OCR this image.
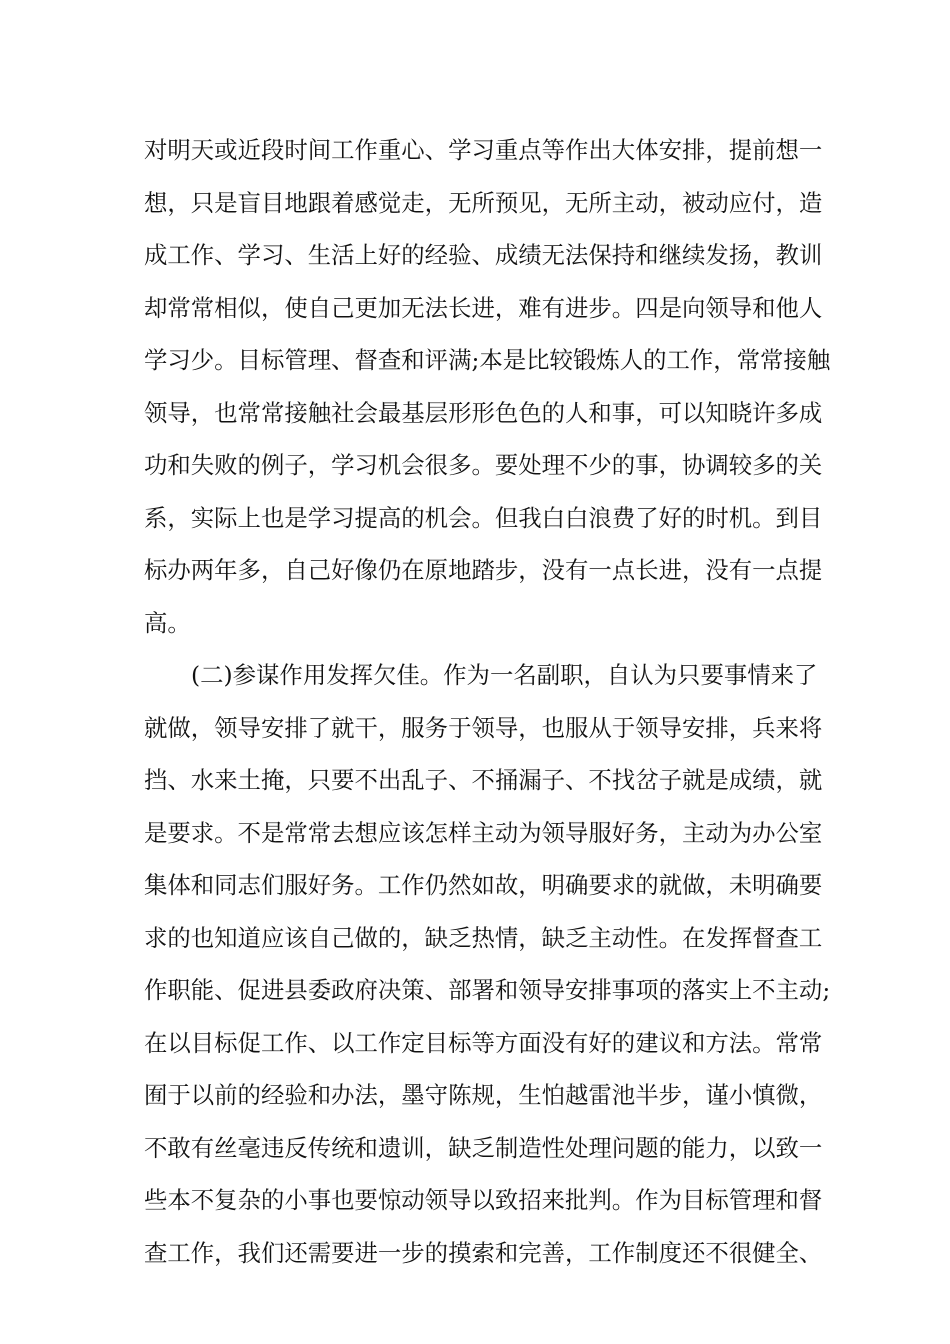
对明天或近段时间工作重心、学习重点等作出大体安排，提前想一
想，只是盲目地跟着感觉走，无所预见，无所主动，被动应付，造
成工作、学习、生活上好的经验、成绩无法保持和继续发扬，教训
却常常相似，使自己更加无法长进，难有进步。四是向领导和他人
学习少。目标管理、督查和评满;本是比较锻炼人的工作，常常接触
领导，也常常接触社会最基层形形色色的人和事，可以知晓许多成
功和失败的例子，学习机会很多。要处理不少的事，协调较多的关
系，实际上也是学习提高的机会。但我白白浪费了好的时机。到目
标办两年多，自己好像仍在原地踏步，没有一点长进，没有一点提
高。
(二)参谋作用发挥欠佳。作为一名副职，自认为只要事情来了
就做，领导安排了就干，服务于领导，也服从于领导安排，兵来将
挡、水来土掩，只要不出乱子、不捅漏子、不找岔子就是成绩，就
是要求。不是常常去想应该怎样主动为领导服好务，主动为办公室
集体和同志们服好务。工作仍然如故，明确要求的就做，未明确要
求的也知道应该自己做的，缺乏热情，缺乏主动性。在发挥督查工
作职能、促进县委政府决策、部署和领导安排事项的落实上不主动;
在以目标促工作、以工作定目标等方面没有好的建议和方法。常常
囿于以前的经验和办法，墨守陈规，生怕越雷池半步，谨小慎微，
不敢有丝毫违反传统和遗训，缺乏制造性处理问题的能力，以致一
些本不复杂的小事也要惊动领导以致招来批判。作为目标管理和督
查工作，我们还需要进一步的摸索和完善，工作制度还不很健全、
